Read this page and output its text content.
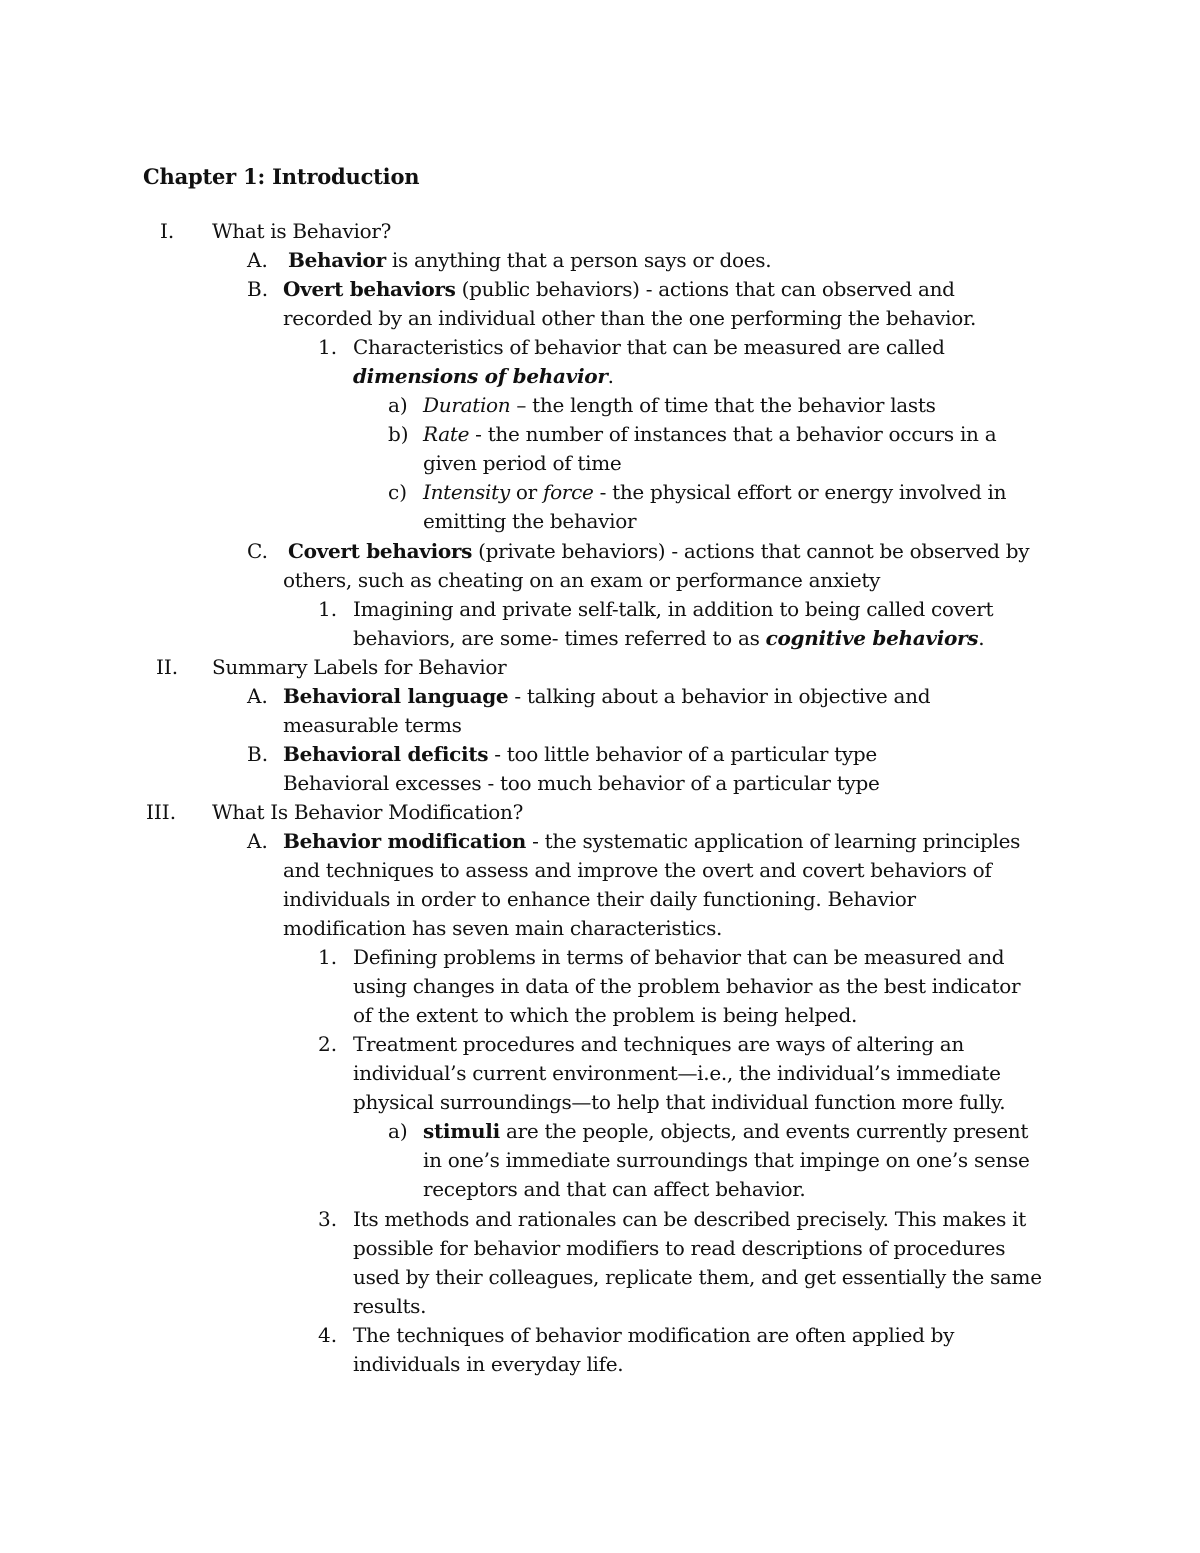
Chapter 1: Introduction
I. What is Behavior?
A. Behavior is anything that a person says or does.
B. Overt behaviors (public behaviors) - actions that can observed and
recorded by an individual other than the one performing the behavior.
1. Characteristics of behavior that can be measured are called
dimensions of behavior.
a) Duration – the length of time that the behavior lasts
b) Rate - the number of instances that a behavior occurs in a
given period of time
c) Intensity or force - the physical effort or energy involved in
emitting the behavior
C. Covert behaviors (private behaviors) - actions that cannot be observed by
others, such as cheating on an exam or performance anxiety
1. Imagining and private self-talk, in addition to being called covert
behaviors, are some- times referred to as cognitive behaviors.
II. Summary Labels for Behavior
A. Behavioral language - talking about a behavior in objective and
measurable terms
B. Behavioral deficits - too little behavior of a particular type
Behavioral excesses - too much behavior of a particular type
III. What Is Behavior Modification?
A. Behavior modification - the systematic application of learning principles
and techniques to assess and improve the overt and covert behaviors of
individuals in order to enhance their daily functioning. Behavior
modification has seven main characteristics.
1. Defining problems in terms of behavior that can be measured and
using changes in data of the problem behavior as the best indicator
of the extent to which the problem is being helped.
2. Treatment procedures and techniques are ways of altering an
individual’s current environment—i.e., the individual’s immediate
physical surroundings—to help that individual function more fully.
a) stimuli are the people, objects, and events currently present
in one’s immediate surroundings that impinge on one’s sense
receptors and that can affect behavior.
3. Its methods and rationales can be described precisely. This makes it
possible for behavior modifiers to read descriptions of procedures
used by their colleagues, replicate them, and get essentially the same
results.
4. The techniques of behavior modification are often applied by
individuals in everyday life.
